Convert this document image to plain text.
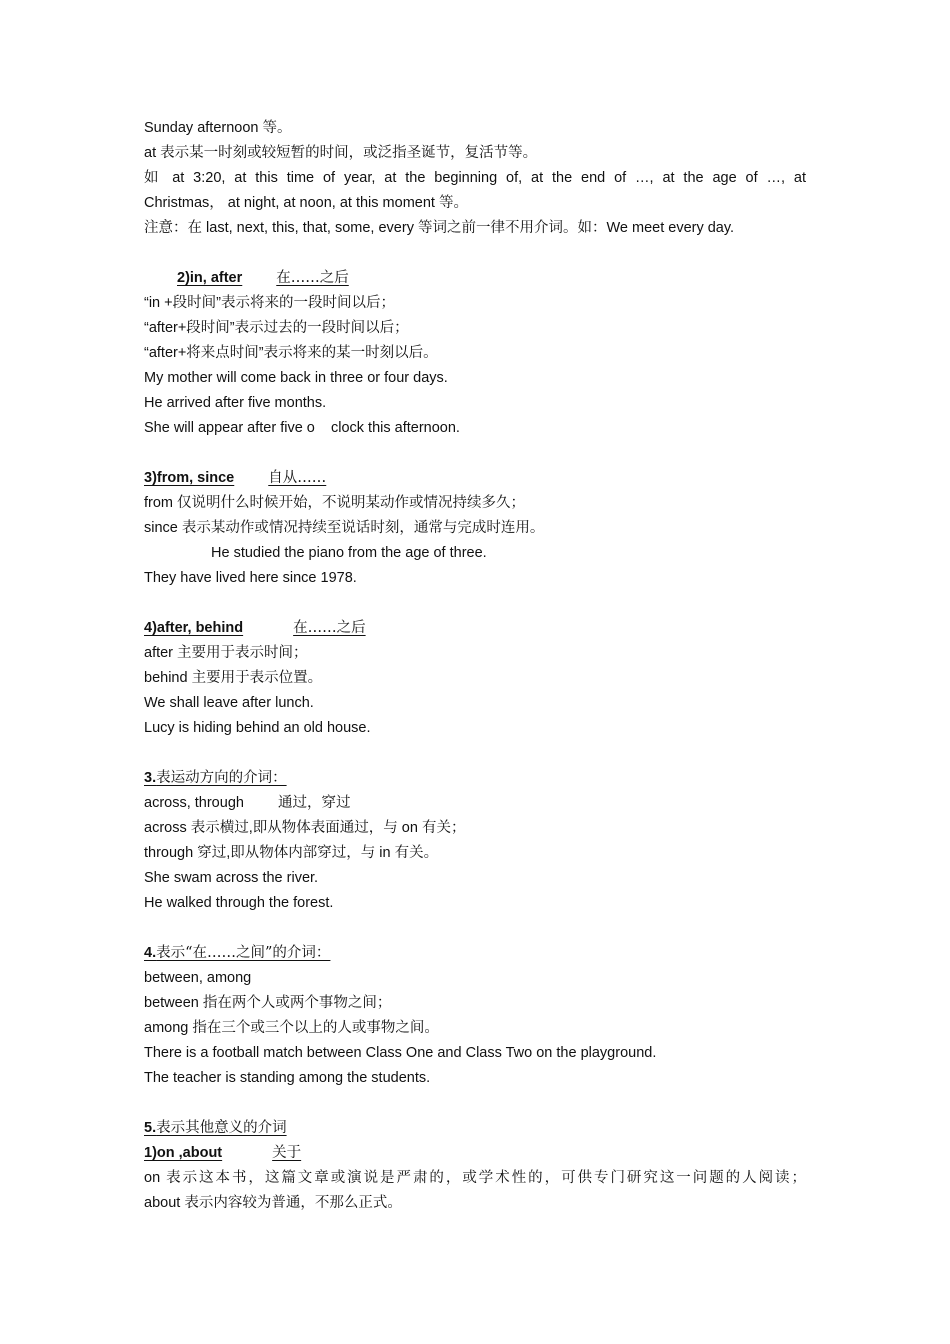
Sunday afternoon 等。
at 表示某一时刻或较短暂的时间，或泛指圣诞节，复活节等。
如 at 3:20, at this time of year, at the beginning of, at the end of …, at the age of …, at
Christmas， at night, at noon, at this moment 等。
注意：在 last, next, this, that, some, every 等词之前一律不用介词。如：We meet every day.
2)in, after 在……之后
“in +段时间”表示将来的一段时间以后；
“after+段时间”表示过去的一段时间以后；
“after+将来点时间”表示将来的某一时刻以后。
My mother will come back in three or four days.
He arrived after five months.
She will appear after five o    clock this afternoon.
3)from, since 自从……
from 仅说明什么时候开始，不说明某动作或情况持续多久；
since 表示某动作或情况持续至说话时刻，通常与完成时连用。
He studied the piano from the age of three.
They have lived here since 1978.
4)after, behind	在……之后
after 主要用于表示时间；
behind 主要用于表示位置。
We shall leave after lunch.
Lucy is hiding behind an old house.
3.表运动方向的介词：
across, through 通过，穿过
across 表示横过,即从物体表面通过，与 on 有关；
through 穿过,即从物体内部穿过，与 in 有关。
She swam across the river.
He walked through the forest.
4.表示“在……之间”的介词：
between, among
between 指在两个人或两个事物之间；
among 指在三个或三个以上的人或事物之间。
There is a football match between Class One and Class Two on the playground.
The teacher is standing among the students.
5.表示其他意义的介词
1)on ,about	关于
on 表示这本书，这篇文章或演说是严肃的，或学术性的，可供专门研究这一问题的人阅读；
about 表示内容较为普通，不那么正式。
